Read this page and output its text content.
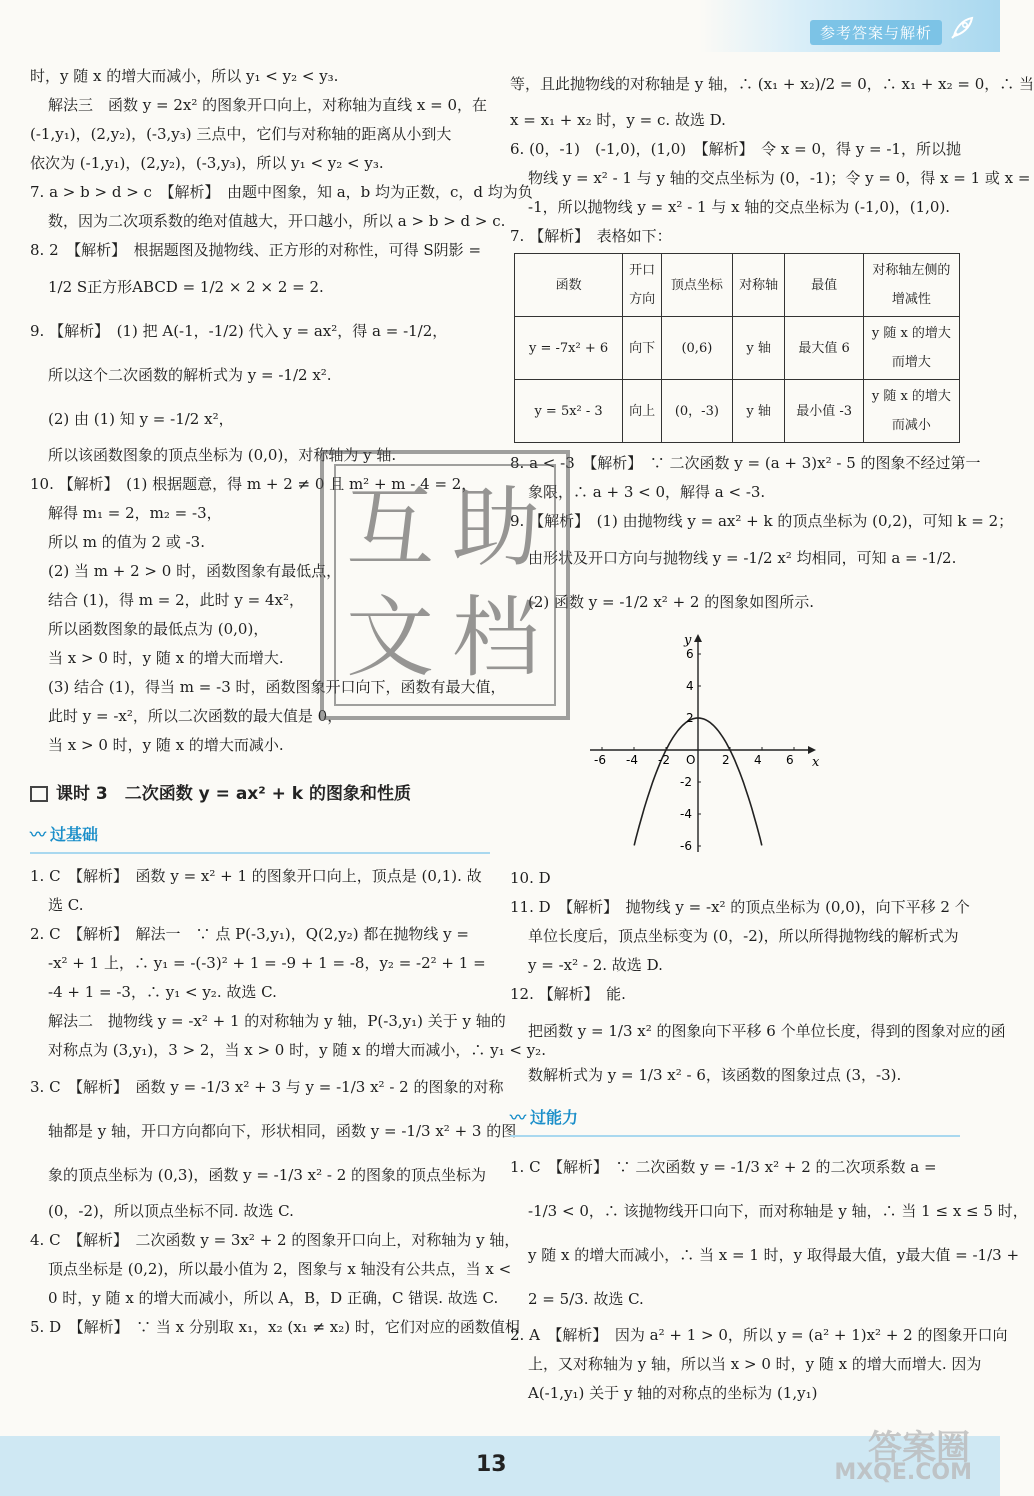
参考答案与解析
时，y 随 x 的增大而减小，所以 y₁ < y₂ < y₃.
解法三　函数 y = 2x² 的图象开口向上，对称轴为直线 x = 0，在
(-1,y₁)，(2,y₂)，(-3,y₃) 三点中，它们与对称轴的距离从小到大
依次为 (-1,y₁)，(2,y₂)，(-3,y₃)，所以 y₁ < y₂ < y₃.
7. a > b > d > c　【解析】　由题中图象，知 a，b 均为正数，c，d 均为负
数，因为二次项系数的绝对值越大，开口越小，所以 a > b > d > c.
8. 2　【解析】　根据题图及抛物线、正方形的对称性，可得 S阴影 =
1/2 S正方形ABCD = 1/2 × 2 × 2 = 2.
9. 【解析】　(1) 把 A(-1，-1/2) 代入 y = ax²，得 a = -1/2，
所以这个二次函数的解析式为 y = -1/2 x².
(2) 由 (1) 知 y = -1/2 x²，
所以该函数图象的顶点坐标为 (0,0)，对称轴为 y 轴.
10. 【解析】　(1) 根据题意，得 m + 2 ≠ 0 且 m² + m - 4 = 2，
解得 m₁ = 2，m₂ = -3，
所以 m 的值为 2 或 -3.
(2) 当 m + 2 > 0 时，函数图象有最低点，
结合 (1)，得 m = 2，此时 y = 4x²，
所以函数图象的最低点为 (0,0)，
当 x > 0 时，y 随 x 的增大而增大.
(3) 结合 (1)，得当 m = -3 时，函数图象开口向下，函数有最大值，
此时 y = -x²，所以二次函数的最大值是 0，
当 x > 0 时，y 随 x 的增大而减小.
课时 3　二次函数 y = ax² + k 的图象和性质
〰 过基础
1. C　【解析】　函数 y = x² + 1 的图象开口向上，顶点是 (0,1). 故
选 C.
2. C　【解析】　解法一　∵ 点 P(-3,y₁)，Q(2,y₂) 都在抛物线 y =
-x² + 1 上，∴ y₁ = -(-3)² + 1 = -9 + 1 = -8，y₂ = -2² + 1 =
-4 + 1 = -3，∴ y₁ < y₂. 故选 C.
解法二　抛物线 y = -x² + 1 的对称轴为 y 轴，P(-3,y₁) 关于 y 轴的
对称点为 (3,y₁)，3 > 2，当 x > 0 时，y 随 x 的增大而减小，∴ y₁ < y₂.
3. C　【解析】　函数 y = -1/3 x² + 3 与 y = -1/3 x² - 2 的图象的对称
轴都是 y 轴，开口方向都向下，形状相同，函数 y = -1/3 x² + 3 的图
象的顶点坐标为 (0,3)，函数 y = -1/3 x² - 2 的图象的顶点坐标为
(0，-2)，所以顶点坐标不同. 故选 C.
4. C　【解析】　二次函数 y = 3x² + 2 的图象开口向上，对称轴为 y 轴，
顶点坐标是 (0,2)，所以最小值为 2，图象与 x 轴没有公共点，当 x <
0 时，y 随 x 的增大而减小，所以 A，B，D 正确，C 错误. 故选 C.
5. D　【解析】　∵ 当 x 分别取 x₁，x₂ (x₁ ≠ x₂) 时，它们对应的函数值相
等，且此抛物线的对称轴是 y 轴，∴ (x₁ + x₂)/2 = 0，∴ x₁ + x₂ = 0，∴ 当
x = x₁ + x₂ 时，y = c. 故选 D.
6. (0，-1)　(-1,0)，(1,0)　【解析】　令 x = 0，得 y = -1，所以抛
物线 y = x² - 1 与 y 轴的交点坐标为 (0，-1)；令 y = 0，得 x = 1 或 x =
-1，所以抛物线 y = x² - 1 与 x 轴的交点坐标为 (-1,0)，(1,0).
7. 【解析】　表格如下：
函数	开口方向	顶点坐标	对称轴	最值	对称轴左侧的增减性
y = -7x² + 6	向下	(0,6)	y 轴	最大值 6	y 随 x 的增大而增大
y = 5x² - 3	向上	(0，-3)	y 轴	最小值 -3	y 随 x 的增大而减小
8. a < -3　【解析】　∵ 二次函数 y = (a + 3)x² - 5 的图象不经过第一
象限，∴ a + 3 < 0，解得 a < -3.
9. 【解析】　(1) 由抛物线 y = ax² + k 的顶点坐标为 (0,2)，可知 k = 2；
由形状及开口方向与抛物线 y = -1/2 x² 均相同，可知 a = -1/2.
(2) 函数 y = -1/2 x² + 2 的图象如图所示.
-6 -4 -2 O 2 4 6
6
4
2
-2
-4
-6
x
y
10. D
11. D　【解析】　抛物线 y = -x² 的顶点坐标为 (0,0)，向下平移 2 个
单位长度后，顶点坐标变为 (0，-2)，所以所得抛物线的解析式为
y = -x² - 2. 故选 D.
12. 【解析】　能.
把函数 y = 1/3 x² 的图象向下平移 6 个单位长度，得到的图象对应的函
数解析式为 y = 1/3 x² - 6，该函数的图象过点 (3，-3).
〰 过能力
1. C　【解析】　∵ 二次函数 y = -1/3 x² + 2 的二次项系数 a =
-1/3 < 0，∴ 该抛物线开口向下，而对称轴是 y 轴，∴ 当 1 ≤ x ≤ 5 时，
y 随 x 的增大而减小，∴ 当 x = 1 时，y 取得最大值，y最大值 = -1/3 +
2 = 5/3. 故选 C.
2. A　【解析】　因为 a² + 1 > 0，所以 y = (a² + 1)x² + 2 的图象开口向
上，又对称轴为 y 轴，所以当 x > 0 时，y 随 x 的增大而增大. 因为
A(-1,y₁) 关于 y 轴的对称点的坐标为 (1,y₁)
互 助
文 档
13	答案圈
MXQE.COM
